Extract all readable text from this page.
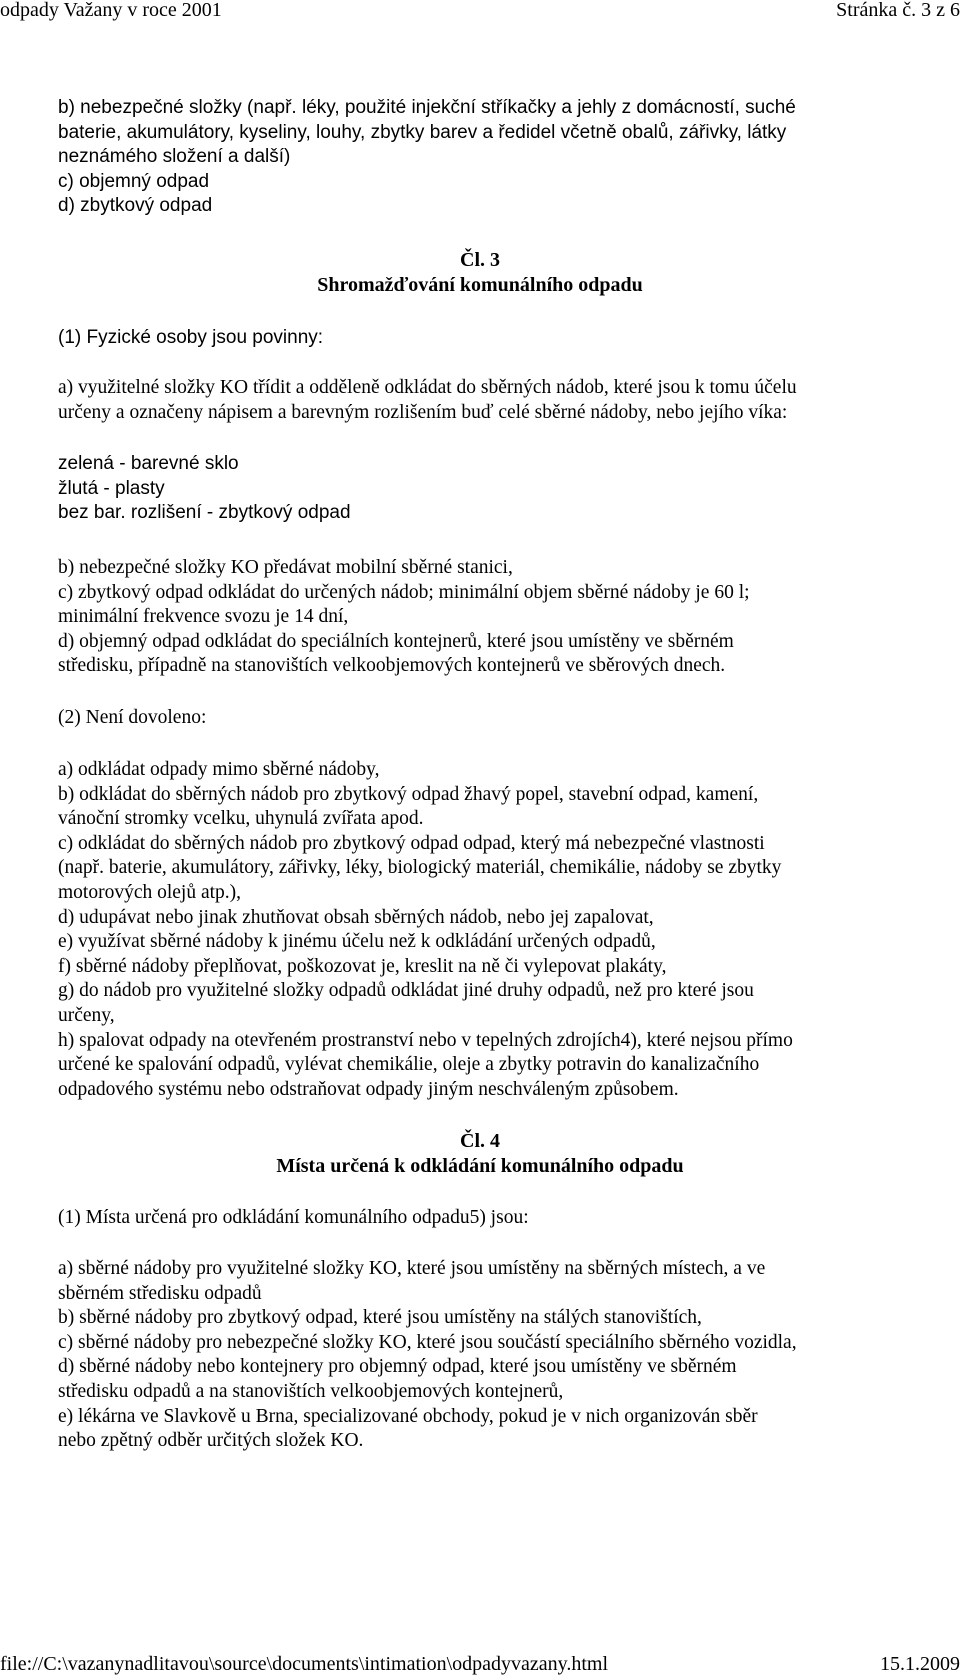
odpady Važany v roce 2001	Stránka č. 3 z 6
b) nebezpečné složky (např. léky, použité injekční stříkačky a jehly z domácností, suché
baterie, akumulátory, kyseliny, louhy, zbytky barev a ředidel včetně obalů, zářivky, látky
neznámého složení a další)
c) objemný odpad
d) zbytkový odpad
Čl. 3
Shromažďování komunálního odpadu
(1) Fyzické osoby jsou povinny:
a) využitelné složky KO třídit a odděleně odkládat do sběrných nádob, které jsou k tomu účelu
určeny a označeny nápisem a barevným rozlišením buď celé sběrné nádoby, nebo jejího víka:
zelená - barevné sklo
žlutá - plasty
bez bar. rozlišení - zbytkový odpad
b) nebezpečné složky KO předávat mobilní sběrné stanici,
c) zbytkový odpad odkládat do určených nádob; minimální objem sběrné nádoby je 60 l;
minimální frekvence svozu je 14 dní,
d) objemný odpad odkládat do speciálních kontejnerů, které jsou umístěny ve sběrném
středisku, případně na stanovištích velkoobjemových kontejnerů ve sběrových dnech.
(2) Není dovoleno:
a) odkládat odpady mimo sběrné nádoby,
b) odkládat do sběrných nádob pro zbytkový odpad žhavý popel, stavební odpad, kamení,
vánoční stromky vcelku, uhynulá zvířata apod.
c) odkládat do sběrných nádob pro zbytkový odpad odpad, který má nebezpečné vlastnosti
(např. baterie, akumulátory, zářivky, léky, biologický materiál, chemikálie, nádoby se zbytky
motorových olejů atp.),
d) udupávat nebo jinak zhutňovat obsah sběrných nádob, nebo jej zapalovat,
e) využívat sběrné nádoby k jinému účelu než k odkládání určených odpadů,
f) sběrné nádoby přeplňovat, poškozovat je, kreslit na ně či vylepovat plakáty,
g) do nádob pro využitelné složky odpadů odkládat jiné druhy odpadů, než pro které jsou
určeny,
h) spalovat odpady na otevřeném prostranství nebo v tepelných zdrojích4), které nejsou přímo
určené ke spalování odpadů, vylévat chemikálie, oleje a zbytky potravin do kanalizačního
odpadového systému nebo odstraňovat odpady jiným neschváleným způsobem.
Čl. 4
Místa určená k odkládání komunálního odpadu
(1) Místa určená pro odkládání komunálního odpadu5) jsou:
a) sběrné nádoby pro využitelné složky KO, které jsou umístěny na sběrných místech, a ve
sběrném středisku odpadů
b) sběrné nádoby pro zbytkový odpad, které jsou umístěny na stálých stanovištích,
c) sběrné nádoby pro nebezpečné složky KO, které jsou součástí speciálního sběrného vozidla,
d) sběrné nádoby nebo kontejnery pro objemný odpad, které jsou umístěny ve sběrném
středisku odpadů a na stanovištích velkoobjemových kontejnerů,
e) lékárna ve Slavkově u Brna, specializované obchody, pokud je v nich organizován sběr
nebo zpětný odběr určitých složek KO.
file://C:\vazanynadlitavou\source\documents\intimation\odpadyvazany.html	15.1.2009
